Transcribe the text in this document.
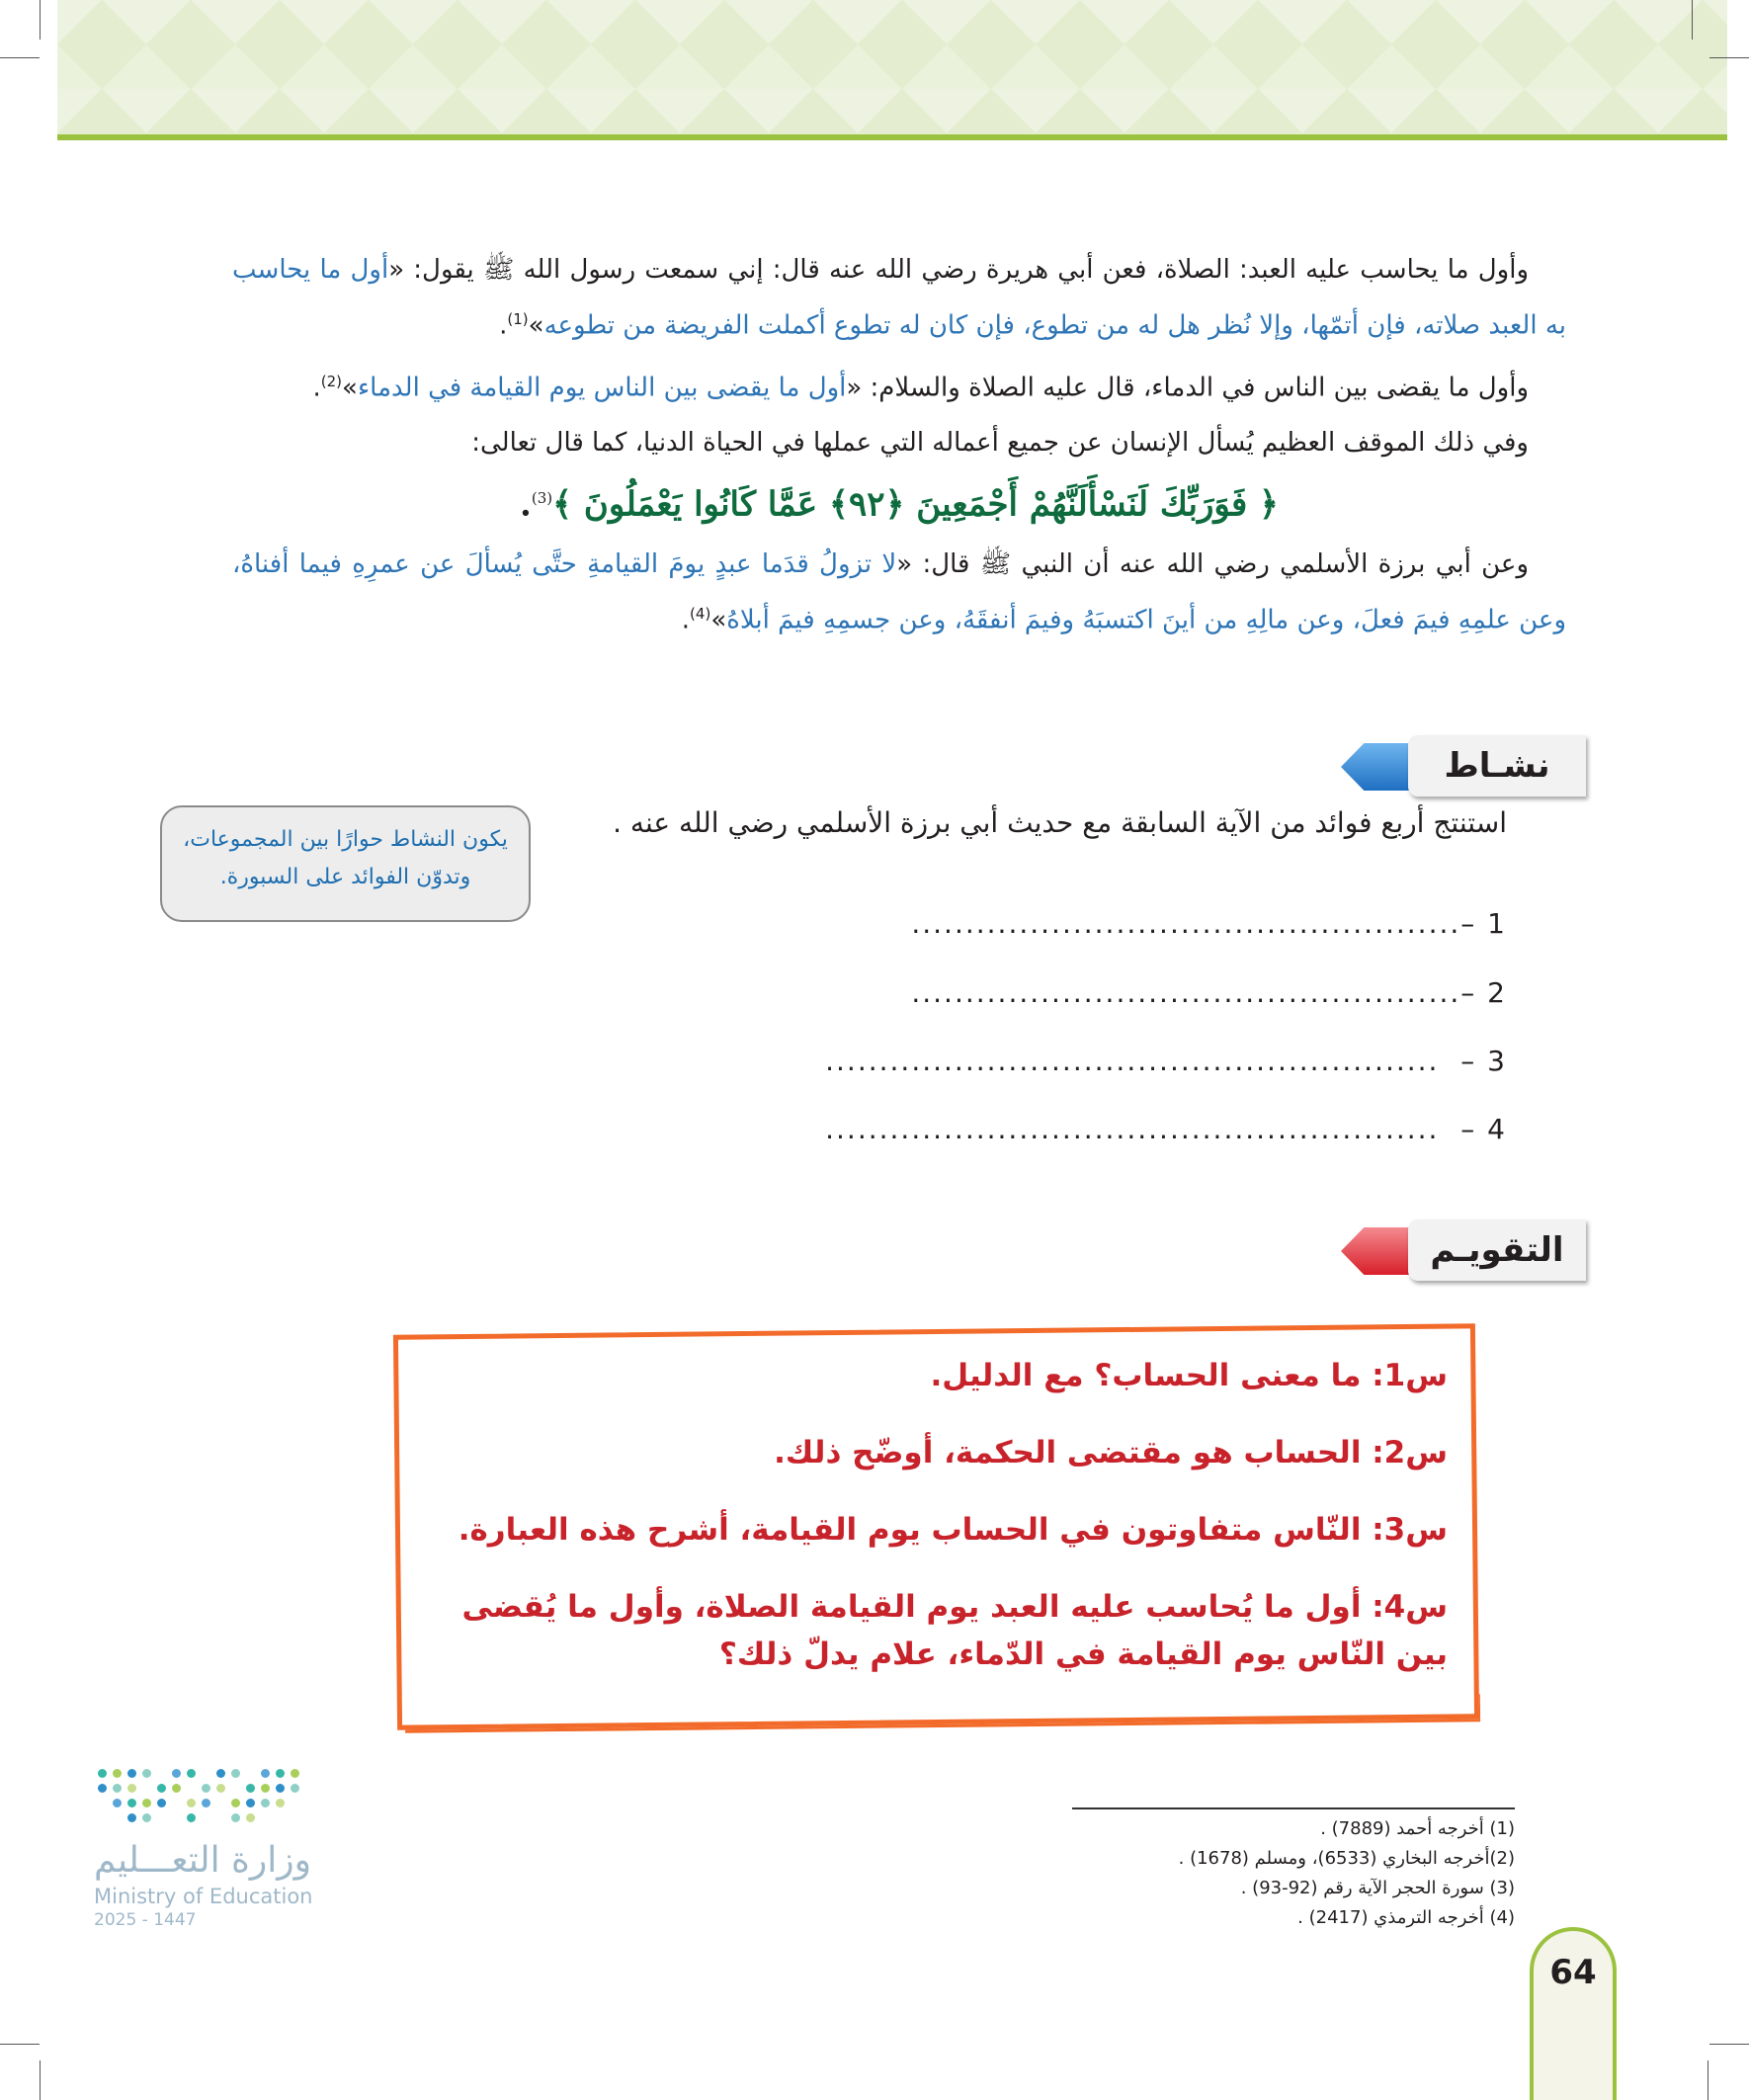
وأول ما يحاسب عليه العبد: الصلاة، فعن أبي هريرة رضي الله عنه قال: إني سمعت رسول الله ﷺ يقول: «أول ما يحاسب به العبد صلاته، فإن أتمّها، وإلا نُظر هل له من تطوع، فإن كان له تطوع أكملت الفريضة من تطوعه»$^{(1)}$.

وأول ما يقضى بين الناس في الدماء، قال عليه الصلاة والسلام: «أول ما يقضى بين الناس يوم القيامة في الدماء»$^{(2)}$.

وفي ذلك الموقف العظيم يُسأل الإنسان عن جميع أعماله التي عملها في الحياة الدنيا، كما قال تعالى:

﴿ فَوَرَبِّكَ لَنَسْأَلَنَّهُمْ أَجْمَعِينَ ﴿٩٢﴾ عَمَّا كَانُوا يَعْمَلُونَ ﴾$^{(3)}$.

وعن أبي برزة الأسلمي رضي الله عنه أن النبي ﷺ قال: «لا تزولُ قدَما عبدٍ يومَ القيامةِ حتَّى يُسألَ عن عمرِهِ فيما أفناهُ، وعن علمِهِ فيمَ فعلَ، وعن مالِهِ من أينَ اكتسبَهُ وفيمَ أنفقَهُ، وعن جسمِهِ فيمَ أبلاهُ»$^{(4)}$.

نشـاط
استنتج أربع فوائد من الآية السابقة مع حديث أبي برزة الأسلمي رضي الله عنه .
يكون النشاط حوارًا بين المجموعات، وتدوّن الفوائد على السبورة.
1 –...................................................
2 –...................................................
3 –  .........................................................
4 –  .........................................................
التقويـم

س1: ما معنى الحساب؟ مع الدليل.

س2: الحساب هو مقتضى الحكمة، أوضّح ذلك.

س3: النّاس متفاوتون في الحساب يوم القيامة، أشرح هذه العبارة.

س4: أول ما يُحاسب عليه العبد يوم القيامة الصلاة، وأول ما يُقضى بين النّاس يوم القيامة في الدّماء، علام يدلّ ذلك؟

(1) أخرجه أحمد (7889) .
(2)أخرجه البخاري (6533)، ومسلم (1678) .
(3) سورة الحجر الآية رقم (92-93) .
(4) أخرجه الترمذي (2417) .
وزارة التعـــليم
Ministry of Education
2025 - 1447
64
